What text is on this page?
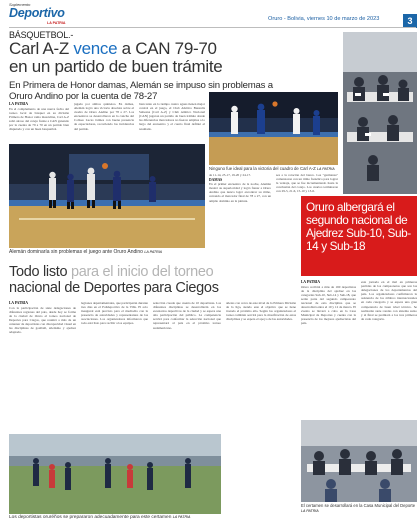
Suplemento
Deportivo
LA PATRIA
Oruro - Bolivia, viernes 10 de marzo de 2023	3
BÁSQUETBOL.-
Carl A-Z vence a CAN 79-70
en un partido de buen trámite
En Primera de Honor damas, Alemán se impuso sin problemas a Oruro Andino por la cuenta de 78-27

LA PATRIA

En el complemento de una nueva fecha del torneo local de básquet en su división Primera de Honor rama masculina, Carl A-Z salió airoso del cotejo frente a CAN ganando por la cuenta de 79 a 70 en un partido bien disputado y con un buen basquetbol.

jugado por ambos quintetos. En damas, Alemán logró una victoria absoluta sobre el cuadro de Oruro Andino por 78 a 27. Los encuentros se desarrollaron en la cancha del Coliseo Lucas Jaimes con buena presencia de espectadores, recorriendo las incidencias del partido.

bien tanto en lo tiempo cuatro aguas tienen mejor control en el juego, el Club Atlético Banzalis Salteana (Carl A-Z) y Club Atlético Nacional (CAN) jugaron un partido de buen trámite donde las diferencias marcadores no fueron amplias a lo largo del encuentro y el cuarto final definió el resultado.

Alemán dominaría sin problemas el juego ante Oruro Andino LA PATRIA
Ninguno fue ideal para la victoria del cuadro de Carl A-Z LA PATRIA

de 11-14, 25-17, 19-20 y 24-17.

DAMAS

En el primer encuentro de la noche, Alemán mostró su superioridad y logró frenar a Oruro Andino que nunca logró encontrar su ritmo, cerrando el marcador final de 78 a 27, con un amplio dominio en la pintura.

ses a la rotación del banco. Las "germanas" comenzaron con un ritmo frenético para lograr la ventaja, que se fue incrementando hasta la conclusión del cotejo. Los cuartos terminaron con 29-5, 21-6, 15-10 y 13-6.

Oruro albergará el segundo nacional de Ajedrez Sub-10, Sub-14 y Sub-18

LA PATRIA

Oruro recibirá a más de 160 deportistas de la disciplina del ajedrez en las categorías Sub-10, Sub-14 y Sub-18, que serán parte del segundo campeonato nacional de esta disciplina que se desarrollará entre el 10 y 12 de marzo. El evento se llevará a cabo en la Casa Municipal de Deportes y cuenta con la presencia de los mejores ajedrecistas del país.

esta jornada en el mal en primeras partidas de los campeonatos que son las delegaciones de los departamentos del país. Los organizadores confirmaron la asistencia de los árbitros internacionales en cada categoría y se espera una gran competencia de buen nivel técnico. Se realizarán siete rondas con sistema suizo y al final se premiará a los tres primeros de cada categoría.

Todo listo para el inicio del torneo
nacional de Deportes para Ciegos

LA PATRIA

Con la participación de siete delegaciones de diferentes regiones del país, desde hoy se forma de la ciudad de Oruro el torneo nacional de Deportes para Ciegos, que reunirá a más de un centenar de deportistas con discapacidad visual en las disciplinas de goalball, atletismo y ajedrez adaptado.

legiones departamentales, que participarán durante tres días en el Polideportivo de la Villa. El acto inaugural está previsto para el mediodía con la presencia de autoridades y representantes de las asociaciones. Los organizadores informaron que todo está listo para recibir a los equipos.

selección creada que cuenta de 10 deportistas. Las diferentes disciplinas se desarrollarán en los escenarios deportivos de la ciudad y se espera una alta participación del público. La competencia servirá para conformar la selección nacional que representará al país en el próximo torneo sudamericano.

atletas con cerca de este nivel de la Primera División de la liga, siendo este el objetivo que se tiene trazado el próximo año. Según los organizadores el torneo también servirá para la masificación de estas disciplinas y se espera el apoyo de las autoridades.

Los deportistas oruréños se prepararon adecuadamente para este certamen LA PATRIA
El certamen se desarrollará en la Casa Municipal del Deporte LA PATRIA
